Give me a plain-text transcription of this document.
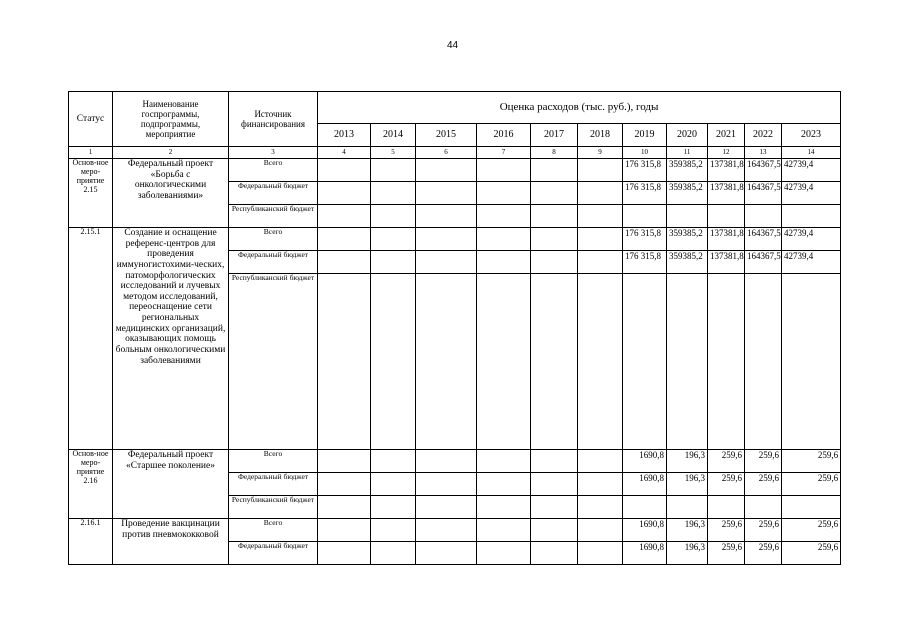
44
Статус	Наименование госпрограммы, подпрограммы, мероприятие	Источник финансирования	Оценка расходов (тыс. руб.), годы										
			2013	2014	2015	2016	2017	2018	2019	2020	2021	2022	2023
1	2	3	4	5	6	7	8	9	10	11	12	13	14
Основ-ное меро-приятие 2.15	Федеральный проект «Борьба с онкологическими заболеваниями»	Всего							176 315,8	359385,2	137381,8	164367,5	42739,4
		Федеральный бюджет							176 315,8	359385,2	137381,8	164367,5	42739,4
		Республиканский бюджет											
2.15.1	Создание и оснащение референс-центров для проведения иммуногистохими-ческих, патоморфологических исследований и лучевых методом исследований, переоснащение сети региональных медицинских организаций, оказывающих помощь больным онкологическими заболеваниями	Всего							176 315,8	359385,2	137381,8	164367,5	42739,4
		Федеральный бюджет							176 315,8	359385,2	137381,8	164367,5	42739,4
		Республиканский бюджет											
Основ-ное меро-приятие 2.16	Федеральный проект «Старшее поколение»	Всего							1690,8	196,3	259,6	259,6	259,6
		Федеральный бюджет							1690,8	196,3	259,6	259,6	259,6
		Республиканский бюджет											
2.16.1	Проведение вакцинации против пневмококковой	Всего							1690,8	196,3	259,6	259,6	259,6
		Федеральный бюджет							1690,8	196,3	259,6	259,6	259,6
